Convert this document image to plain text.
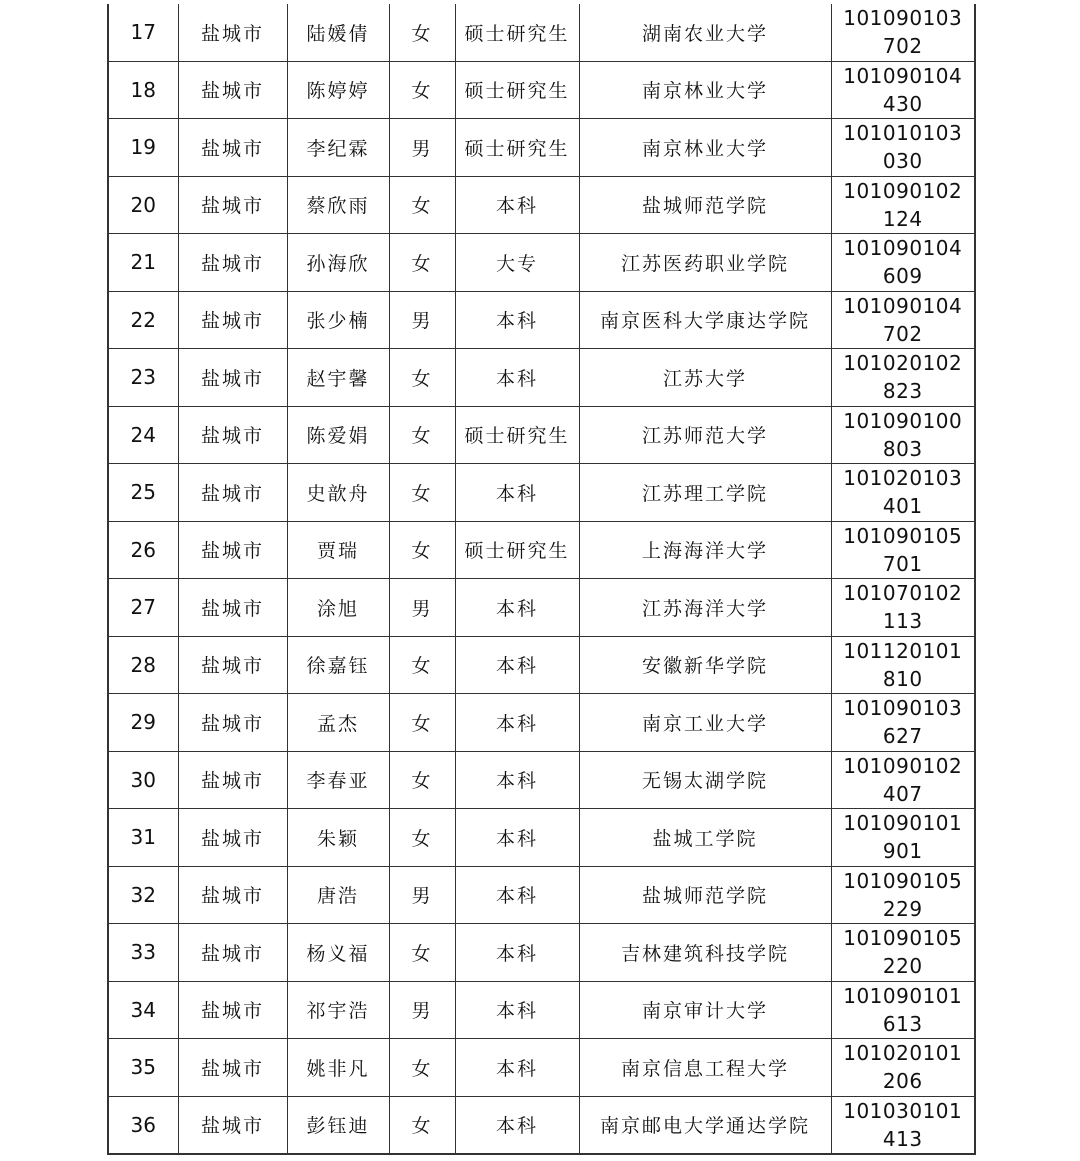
17	盐城市	陆媛倩	女	硕士研究生	湖南农业大学	101090103702
18	盐城市	陈婷婷	女	硕士研究生	南京林业大学	101090104430
19	盐城市	李纪霖	男	硕士研究生	南京林业大学	101010103030
20	盐城市	蔡欣雨	女	本科	盐城师范学院	101090102124
21	盐城市	孙海欣	女	大专	江苏医药职业学院	101090104609
22	盐城市	张少楠	男	本科	南京医科大学康达学院	101090104702
23	盐城市	赵宇馨	女	本科	江苏大学	101020102823
24	盐城市	陈爱娟	女	硕士研究生	江苏师范大学	101090100803
25	盐城市	史歆舟	女	本科	江苏理工学院	101020103401
26	盐城市	贾瑞	女	硕士研究生	上海海洋大学	101090105701
27	盐城市	涂旭	男	本科	江苏海洋大学	101070102113
28	盐城市	徐嘉钰	女	本科	安徽新华学院	101120101810
29	盐城市	孟杰	女	本科	南京工业大学	101090103627
30	盐城市	李春亚	女	本科	无锡太湖学院	101090102407
31	盐城市	朱颖	女	本科	盐城工学院	101090101901
32	盐城市	唐浩	男	本科	盐城师范学院	101090105229
33	盐城市	杨义福	女	本科	吉林建筑科技学院	101090105220
34	盐城市	祁宇浩	男	本科	南京审计大学	101090101613
35	盐城市	姚非凡	女	本科	南京信息工程大学	101020101206
36	盐城市	彭钰迪	女	本科	南京邮电大学通达学院	101030101413
